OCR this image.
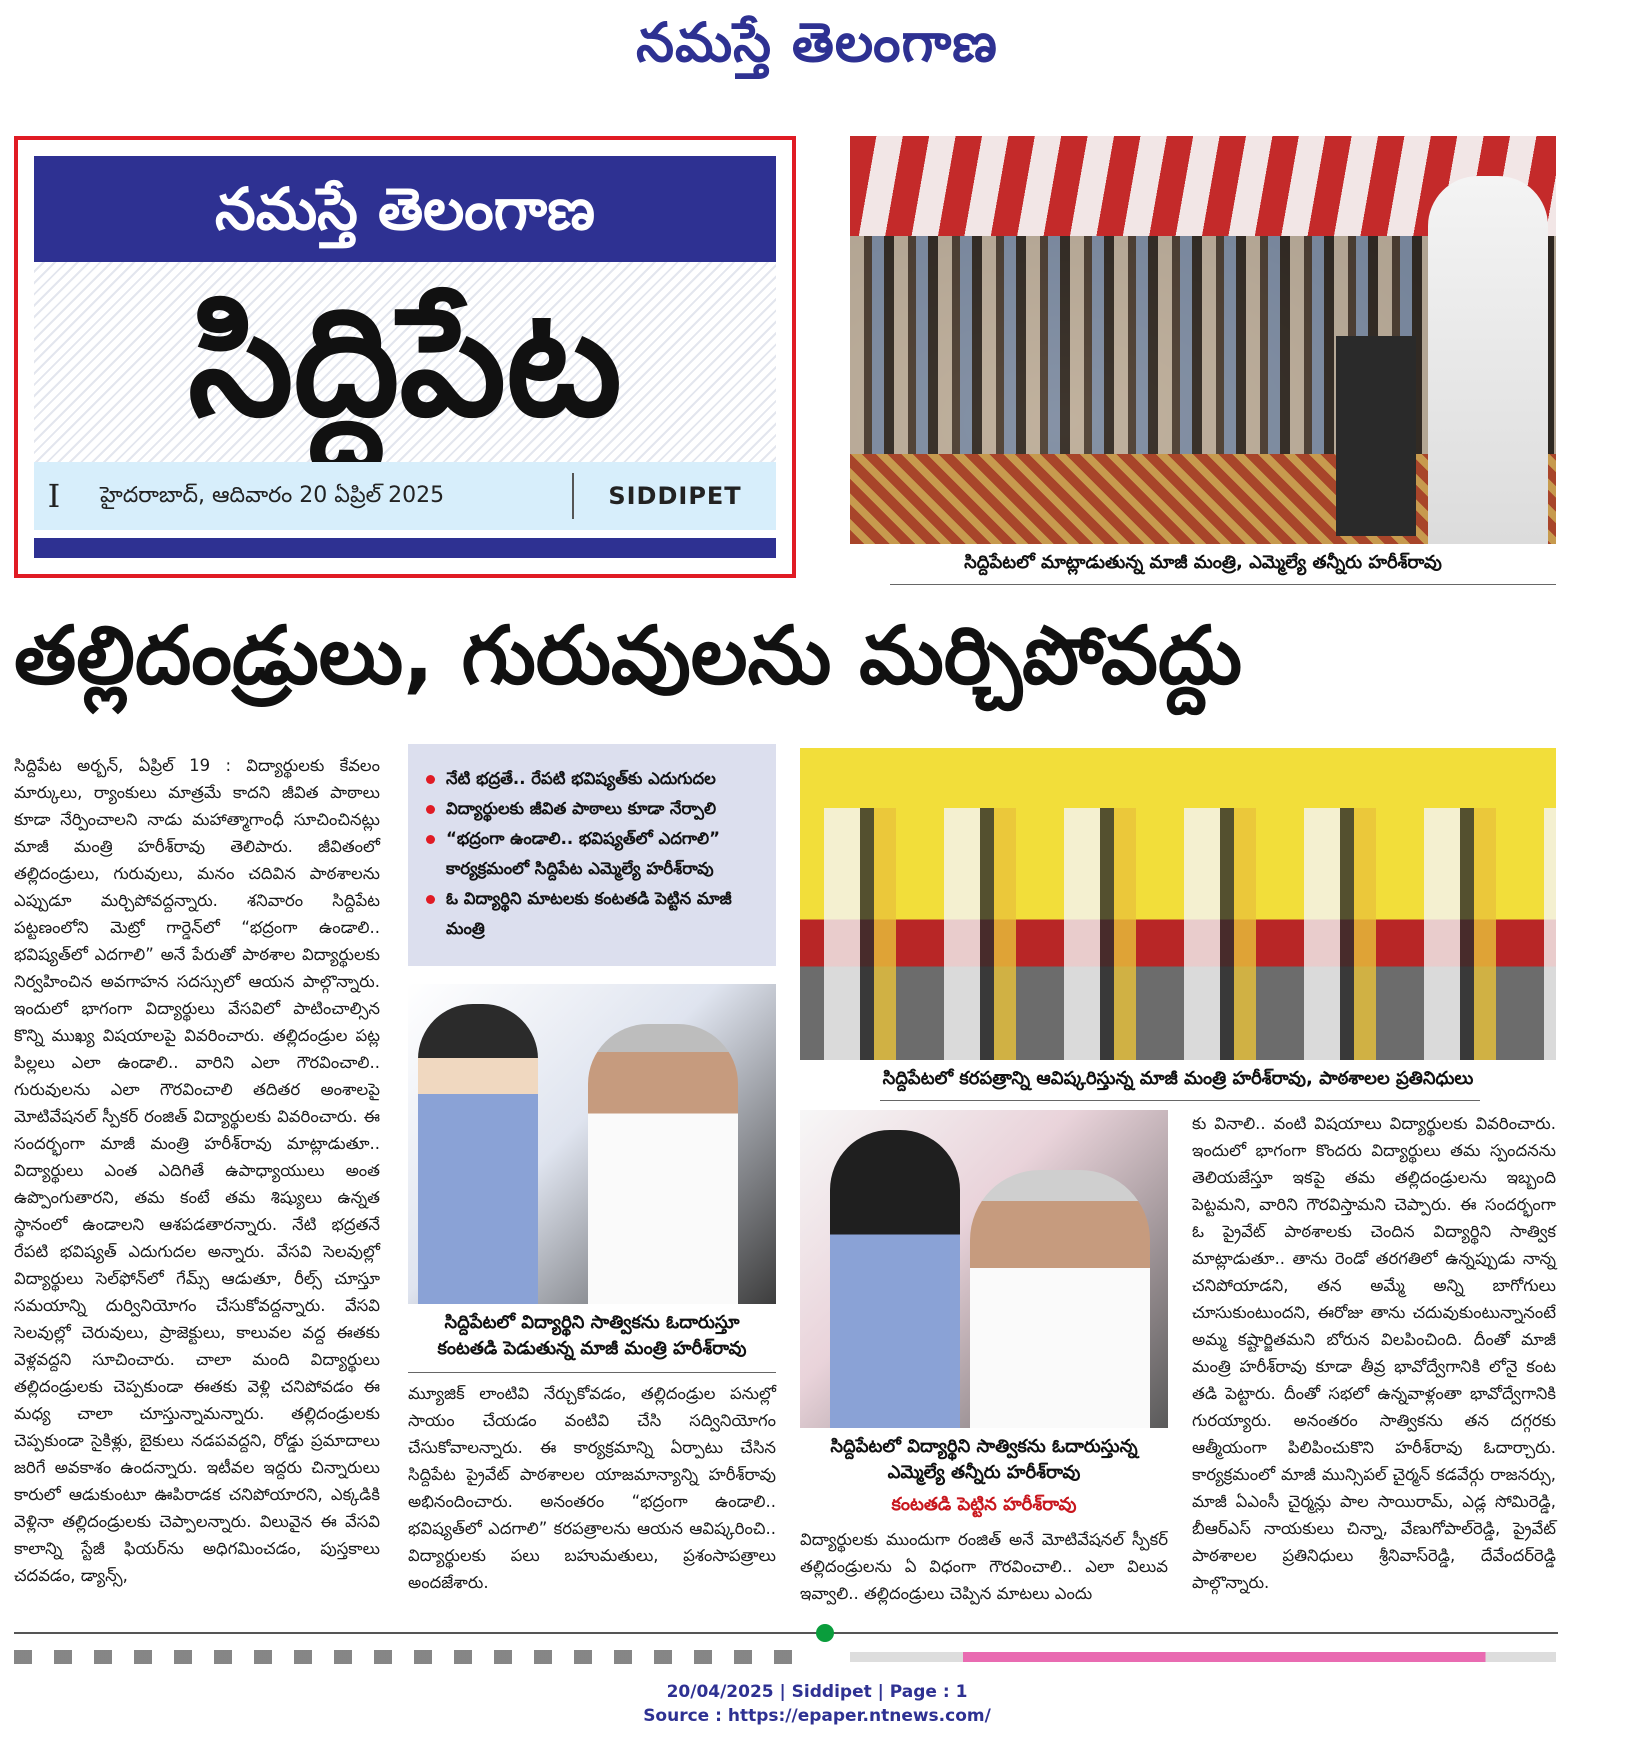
నమస్తే తెలంగాణ
నమస్తే తెలంగాణ
సిద్దిపేట
I	హైదరాబాద్, ఆదివారం 20 ఏప్రిల్ 2025	SIDDIPET
సిద్దిపేటలో మాట్లాడుతున్న మాజీ మంత్రి, ఎమ్మెల్యే తన్నీరు హరీశ్‌రావు
తల్లిదండ్రులు, గురువులను మర్చిపోవద్దు
సిద్దిపేట అర్బన్, ఏప్రిల్ 19 : విద్యార్థులకు కేవలం మార్కులు, ర్యాంకులు మాత్రమే కాదని జీవిత పాఠాలు కూడా నేర్పించాలని నాడు మహాత్మాగాంధీ సూచించినట్లు మాజీ మంత్రి హరీశ్‌రావు తెలిపారు. జీవితంలో తల్లిదండ్రులు, గురువులు, మనం చదివిన పాఠశాలను ఎప్పుడూ మర్చిపోవద్దన్నారు. శనివారం సిద్దిపేట పట్టణంలోని మెట్రో గార్డెన్‌లో “భద్రంగా ఉండాలి.. భవిష్యత్‌లో ఎదగాలి” అనే పేరుతో పాఠశాల విద్యార్థులకు నిర్వహించిన అవగాహన సదస్సులో ఆయన పాల్గొన్నారు. ఇందులో భాగంగా విద్యార్థులు వేసవిలో పాటించాల్సిన కొన్ని ముఖ్య విషయాలపై వివరించారు. తల్లిదండ్రుల పట్ల పిల్లలు ఎలా ఉండాలి.. వారిని ఎలా గౌరవించాలి.. గురువులను ఎలా గౌరవించాలి తదితర అంశాలపై మోటివేషనల్ స్పీకర్ రంజిత్ విద్యార్థులకు వివరించారు. ఈ సందర్భంగా మాజీ మంత్రి హరీశ్‌రావు మాట్లాడుతూ.. విద్యార్థులు ఎంత ఎదిగితే ఉపాధ్యాయులు అంత ఉప్పొంగుతారని, తమ కంటే తమ శిష్యులు ఉన్నత స్థానంలో ఉండాలని ఆశపడతారన్నారు. నేటి భద్రతనే రేపటి భవిష్యత్ ఎదుగుదల అన్నారు. వేసవి సెలవుల్లో విద్యార్థులు సెల్‌ఫోన్‌లో గేమ్స్ ఆడుతూ, రీల్స్ చూస్తూ సమయాన్ని దుర్వినియోగం చేసుకోవద్దన్నారు. వేసవి సెలవుల్లో చెరువులు, ప్రాజెక్టులు, కాలువల వద్ద ఈతకు వెళ్లవద్దని సూచించారు. చాలా మంది విద్యార్థులు తల్లిదండ్రులకు చెప్పకుండా ఈతకు వెళ్లి చనిపోవడం ఈ మధ్య చాలా చూస్తున్నామన్నారు. తల్లిదండ్రులకు చెప్పకుండా సైకిళ్లు, బైకులు నడపవద్దని, రోడ్డు ప్రమాదాలు జరిగే అవకాశం ఉందన్నారు. ఇటీవల ఇద్దరు చిన్నారులు కారులో ఆడుకుంటూ ఊపిరాడక చనిపోయారని, ఎక్కడికి వెళ్లినా తల్లిదండ్రులకు చెప్పాలన్నారు. విలువైన ఈ వేసవి కాలాన్ని స్టేజీ ఫియర్‌ను అధిగమించడం, పుస్తకాలు చదవడం, డ్యాన్స్,
నేటి భద్రతే.. రేపటి భవిష్యత్‌కు ఎదుగుదల
విద్యార్థులకు జీవిత పాఠాలు కూడా నేర్పాలి
“భద్రంగా ఉండాలి.. భవిష్యత్‌లో ఎదగాలి” కార్యక్రమంలో సిద్దిపేట ఎమ్మెల్యే హరీశ్‌రావు
ఓ విద్యార్థిని మాటలకు కంటతడి పెట్టిన మాజీ మంత్రి
సిద్దిపేటలో కరపత్రాన్ని ఆవిష్కరిస్తున్న మాజీ మంత్రి హరీశ్‌రావు, పాఠశాలల ప్రతినిధులు
సిద్దిపేటలో విద్యార్థిని సాత్వికను ఓదారుస్తూ
కంటతడి పెడుతున్న మాజీ మంత్రి హరీశ్‌రావు
మ్యూజిక్ లాంటివి నేర్చుకోవడం, తల్లిదండ్రుల పనుల్లో సాయం చేయడం వంటివి చేసి సద్వినియోగం చేసుకోవాలన్నారు. ఈ కార్యక్రమాన్ని ఏర్పాటు చేసిన సిద్దిపేట ప్రైవేట్ పాఠశాలల యాజమాన్యాన్ని హరీశ్‌రావు అభినందించారు. అనంతరం “భద్రంగా ఉండాలి.. భవిష్యత్‌లో ఎదగాలి” కరపత్రాలను ఆయన ఆవిష్కరించి.. విద్యార్థులకు పలు బహుమతులు, ప్రశంసాపత్రాలు అందజేశారు.
సిద్దిపేటలో విద్యార్థిని సాత్వికను ఓదారుస్తున్న
ఎమ్మెల్యే తన్నీరు హరీశ్‌రావు
కంటతడి పెట్టిన హరీశ్‌రావు
విద్యార్థులకు ముందుగా రంజిత్ అనే మోటివేషనల్ స్పీకర్ తల్లిదండ్రులను ఏ విధంగా గౌరవించాలి.. ఎలా విలువ ఇవ్వాలి.. తల్లిదండ్రులు చెప్పిన మాటలు ఎందు
కు వినాలి.. వంటి విషయాలు విద్యార్థులకు వివరించారు. ఇందులో భాగంగా కొందరు విద్యార్థులు తమ స్పందనను తెలియజేస్తూ ఇకపై తమ తల్లిదండ్రులను ఇబ్బంది పెట్టమని, వారిని గౌరవిస్తామని చెప్పారు. ఈ సందర్భంగా ఓ ప్రైవేట్ పాఠశాలకు చెందిన విద్యార్థిని సాత్విక మాట్లాడుతూ.. తాను రెండో తరగతిలో ఉన్నప్పుడు నాన్న చనిపోయాడని, తన అమ్మే అన్ని బాగోగులు చూసుకుంటుందని, ఈరోజు తాను చదువుకుంటున్నానంటే అమ్మ కష్టార్జితమని బోరున విలపించింది. దీంతో మాజీ మంత్రి హరీశ్‌రావు కూడా తీవ్ర భావోద్వేగానికి లోనై కంట తడి పెట్టారు. దీంతో సభలో ఉన్నవాళ్లంతా భావోద్వేగానికి గురయ్యారు. అనంతరం సాత్వికను తన దగ్గరకు ఆత్మీయంగా పిలిపించుకొని హరీశ్‌రావు ఓదార్చారు. కార్యక్రమంలో మాజీ మున్సిపల్ చైర్మన్ కడవేర్గు రాజనర్సు, మాజీ ఏఎంసీ చైర్మన్లు పాల సాయిరామ్, ఎడ్ల సోమిరెడ్డి, బీఆర్‌ఎస్ నాయకులు చిన్నా, వేణుగోపాల్‌రెడ్డి, ప్రైవేట్ పాఠశాలల ప్రతినిధులు శ్రీనివాస్‌రెడ్డి, దేవేందర్‌రెడ్డి పాల్గొన్నారు.
20/04/2025 | Siddipet | Page : 1
Source : https://epaper.ntnews.com/
